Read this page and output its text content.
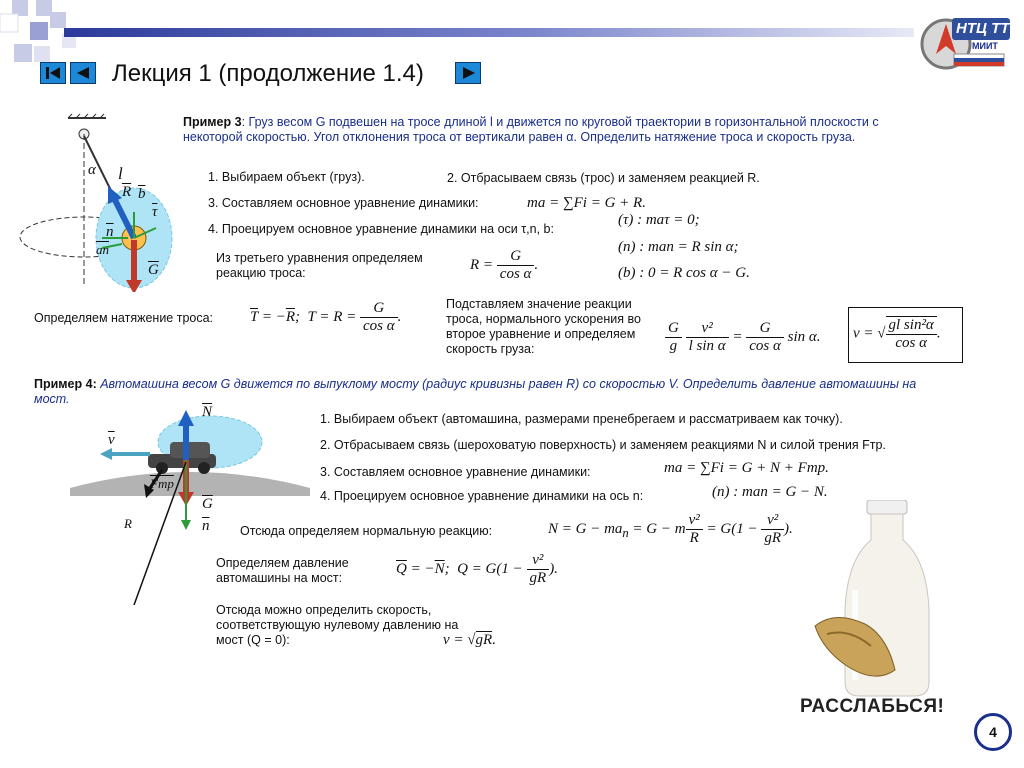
НТЦ ТТ
МИИТ
Лекция 1 (продолжение 1.4)
α l
$\overline{R}$ $\overline{b}$
$\overline{\tau}$
$\overline{n}$
$\overline{an}$
$\overline{G}$
Пример 3: Груз весом G подвешен на тросе длиной l и движется по круговой траектории в горизонтальной плоскости с некоторой скоростью. Угол отклонения троса от вертикали равен α. Определить натяжение троса и скорость груза.
1. Выбираем объект (груз).	2. Отбрасываем связь (трос) и заменяем реакцией R.
3. Составляем основное уравнение динамики:	ma = ∑Fi = G + R.
4. Проецируем основное уравнение динамики на оси τ,n, b:
(τ) : maτ = 0;
(n) : man = R sin α;
(b) : 0 = R cos α − G.
Из третьего уравнения определяем реакцию троса:
$R = \frac{G}{\text{cos α}}$ .
Определяем натяжение троса: $\overline{T} = -\overline{R}$;  $T = R = \frac{G}{\text{cos α}}$ .
Подставляем значение реакции троса, нормального ускорения во второе уравнение и определяем скорость груза:	$\frac{G}{g}$
$\frac{\text{v²}}{\text{l sin α}} = \frac{G}{\text{cos α}}$ sin α.	v = √ $\frac{\text{gl sin²α}}{\text{cos α}}$ .
Пример 4: Автомашина весом G движется по выпуклому мосту (радиус кривизны равен R) со скоростью V. Определить давление автомашины на мост.
$\overline{N}$
$\overline{v}$
Fтр
$\overline{G}$
$\overline{n}$
R
1. Выбираем объект (автомашина, размерами пренебрегаем и рассматриваем как точку).
2. Отбрасываем связь (шероховатую поверхность) и заменяем реакциями N и силой трения Fтр.
3. Составляем основное уравнение динамики:	ma = ∑Fi = G + N + Fтр.
4. Проецируем основное уравнение динамики на ось n:	(n) : man = G − N.
Отсюда определяем нормальную реакцию:	$N = G - ma_n = G - m \frac{\text{v²}}{R} = G(1 - \frac{\text{v²}}{gR}$ ).
Определяем давление автомашины на мост:
$\overline{Q} = -\overline{N}$;  $Q = G(1 - \frac{\text{v²}}{gR}$ ).
Отсюда можно определить скорость, соответствующую нулевому давлению на мост (Q = 0):	v = √gR.
РАССЛАБЬСЯ!
4
